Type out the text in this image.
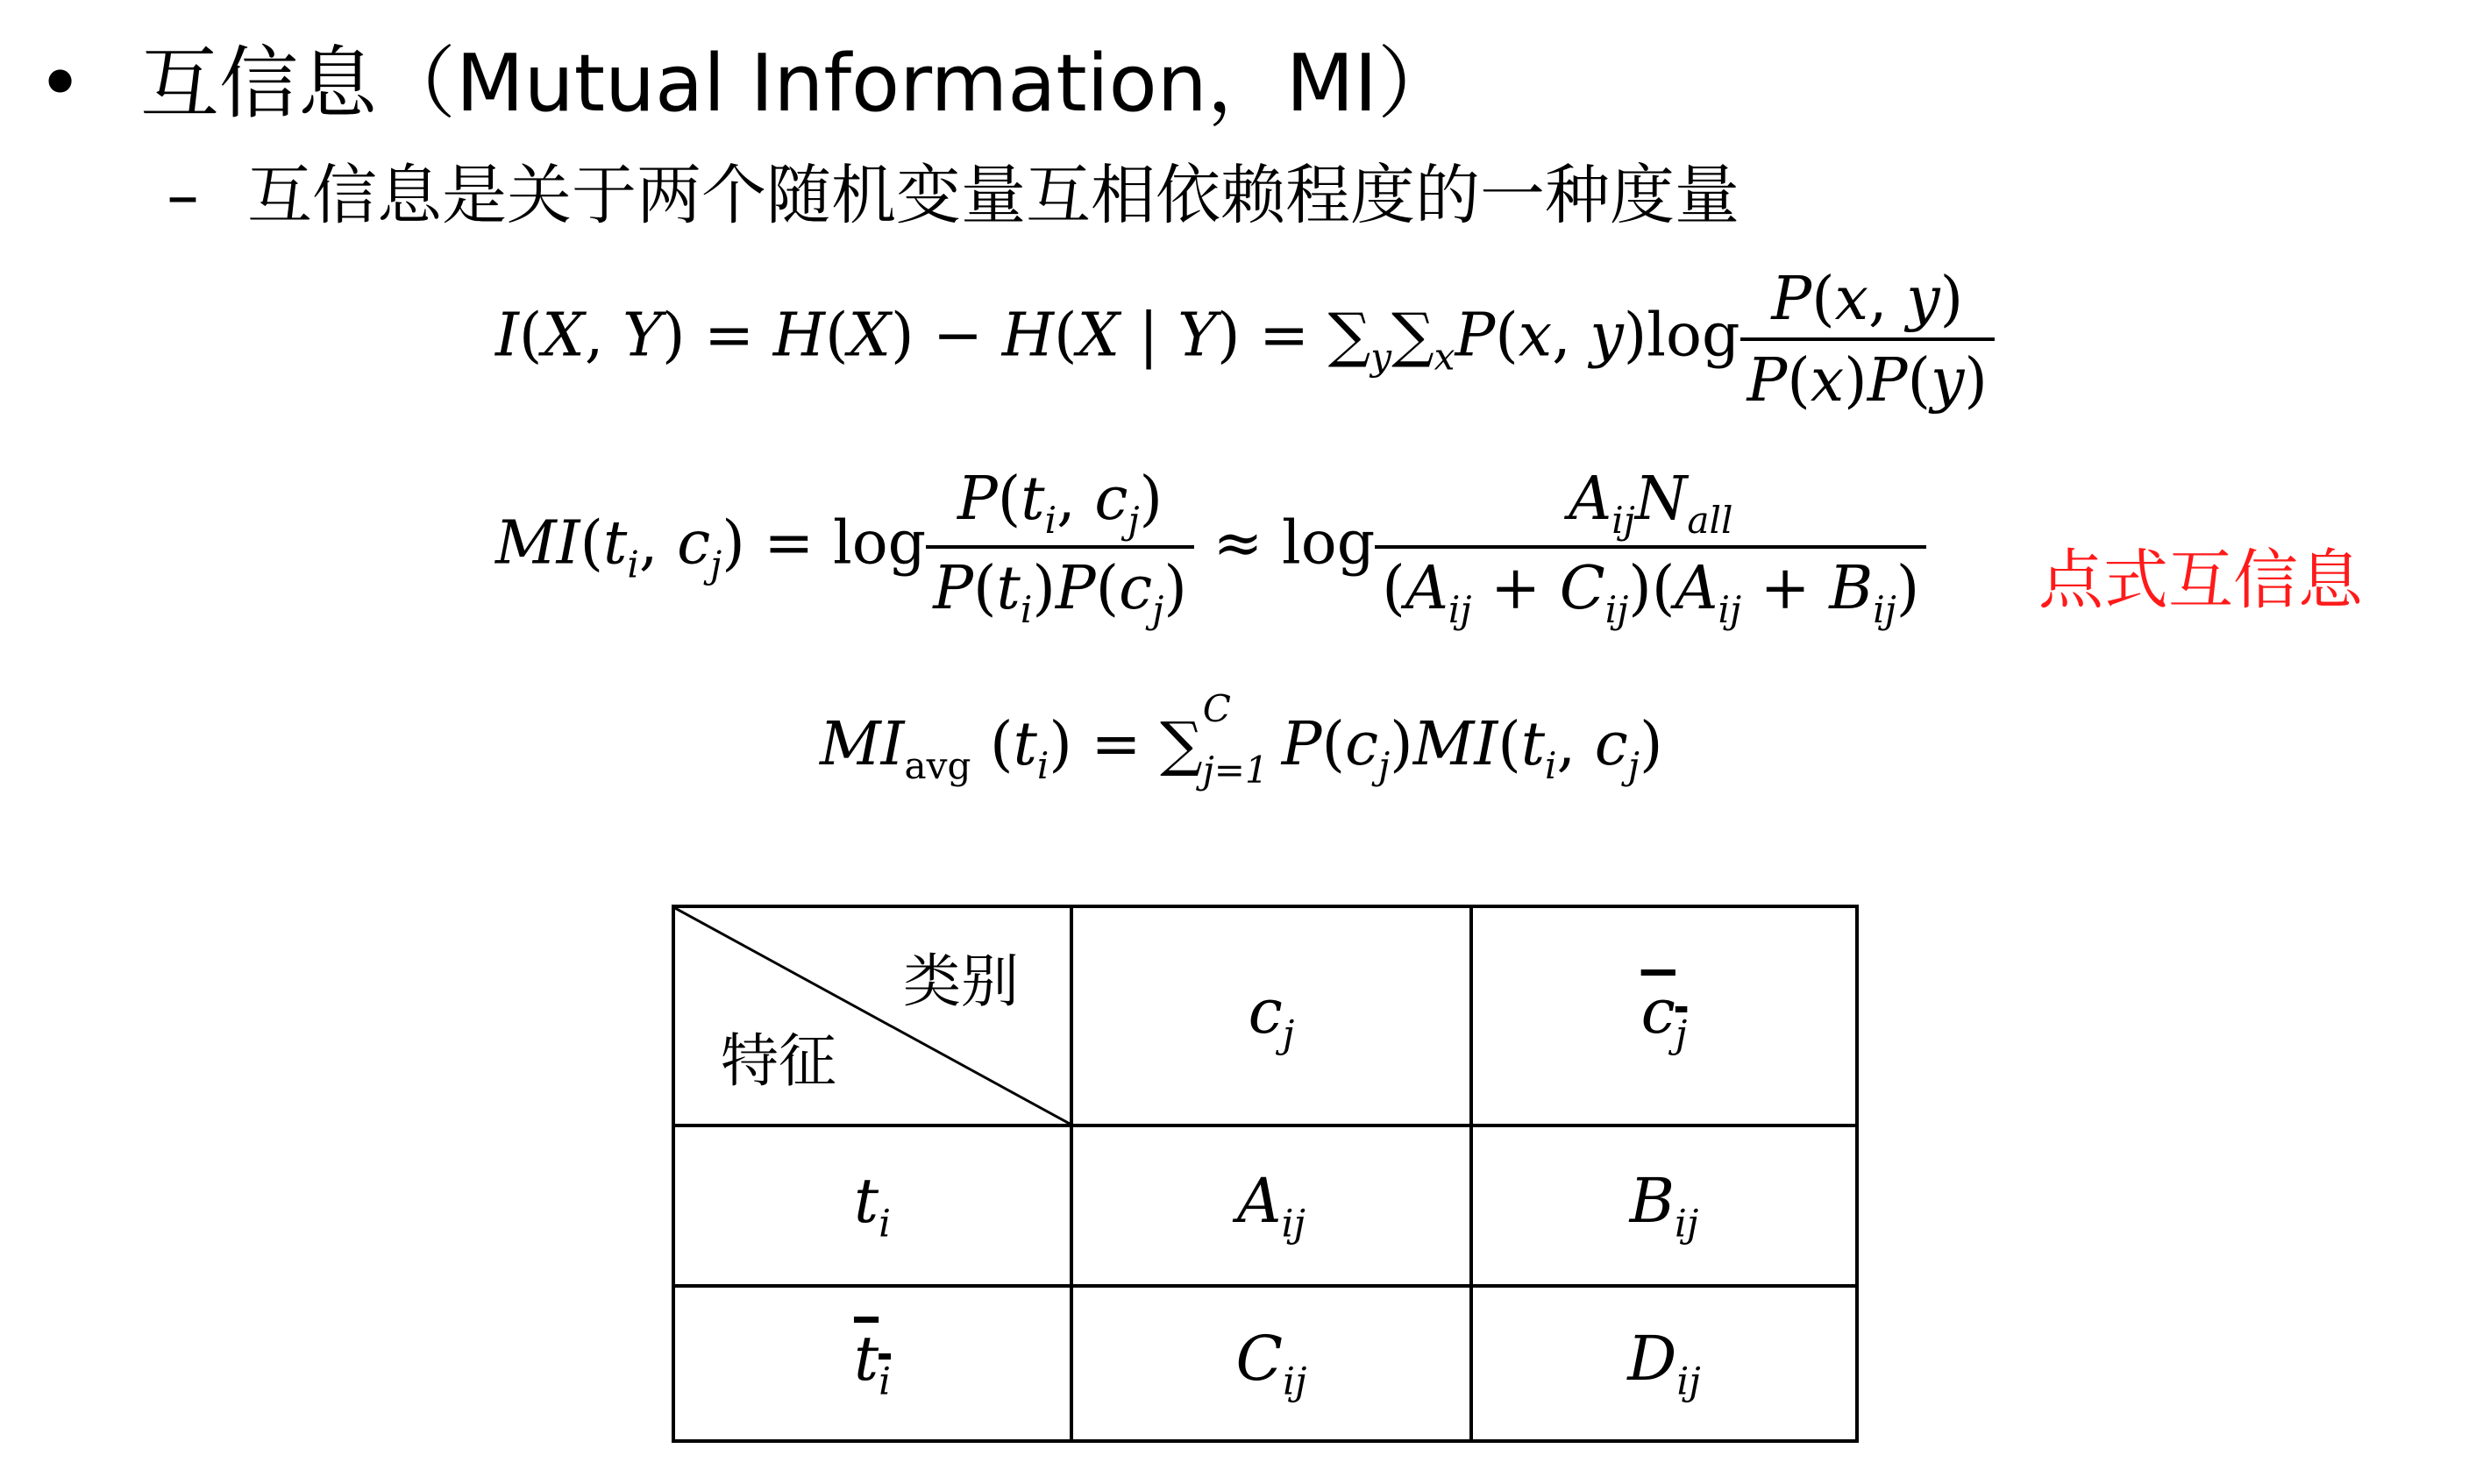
• 互信息（Mutual Information，MI）
– 互信息是关于两个随机变量互相依赖程度的一种度量
I(X, Y) = H(X) − H(X | $Y) = \sum_y\sum_xP(x$, $y)\log \frac{P(x, y)}{P(x)P(y)}$
$MI(t_i$, $c_j) = \log \frac{P(t_i, c_j)}{P(t_i)P(c_j)} \approx \log \frac{A_{ij}N_{all}}{(A_{ij} + C_{ij})(A_{ij} + B_{ij})}$ 点式互信息
$MI_{avg}$ $(t_i)$ = ∑
C
j=1 $P(c_j)MI(t_i$, $c_j$)
类别
特征	$c_j$	$c_j$
$t_i$	$A_{ij}$	$B_{ij}$
$t_i$	$C_{ij}$	$D_{ij}$
